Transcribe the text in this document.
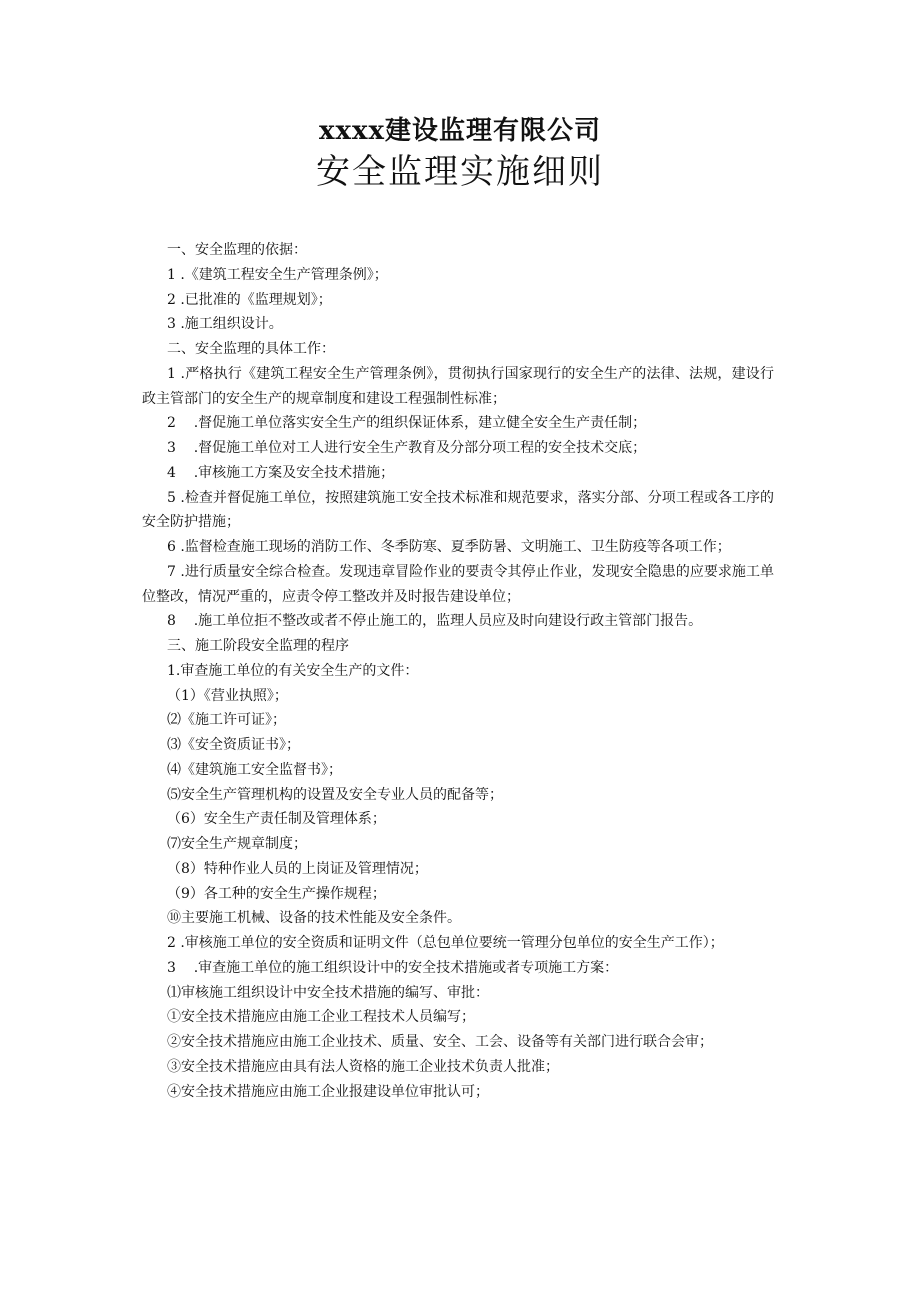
xxxx建设监理有限公司
安全监理实施细则

一、安全监理的依据：

1 .《建筑工程安全生产管理条例》；

2 .已批准的《监理规划》；

3 .施工组织设计。

二、安全监理的具体工作：

1 .严格执行《建筑工程安全生产管理条例》，贯彻执行国家现行的安全生产的法律、法规，建设行政主管部门的安全生产的规章制度和建设工程强制性标准；

2    .督促施工单位落实安全生产的组织保证体系，建立健全安全生产责任制；

3    .督促施工单位对工人进行安全生产教育及分部分项工程的安全技术交底；

4    .审核施工方案及安全技术措施；

5 .检查并督促施工单位，按照建筑施工安全技术标准和规范要求，落实分部、分项工程或各工序的安全防护措施；

6 .监督检查施工现场的消防工作、冬季防寒、夏季防暑、文明施工、卫生防疫等各项工作；

7 .进行质量安全综合检查。发现违章冒险作业的要责令其停止作业，发现安全隐患的应要求施工单位整改，情况严重的，应责令停工整改并及时报告建设单位；

8    .施工单位拒不整改或者不停止施工的，监理人员应及时向建设行政主管部门报告。

三、施工阶段安全监理的程序

1.审查施工单位的有关安全生产的文件：

（1）《营业执照》；

⑵《施工许可证》；

⑶《安全资质证书》；

⑷《建筑施工安全监督书》；

⑸安全生产管理机构的设置及安全专业人员的配备等；

（6）安全生产责任制及管理体系；

⑺安全生产规章制度；

（8）特种作业人员的上岗证及管理情况；

（9）各工种的安全生产操作规程；

⑩主要施工机械、设备的技术性能及安全条件。

2 .审核施工单位的安全资质和证明文件（总包单位要统一管理分包单位的安全生产工作）；

3    .审查施工单位的施工组织设计中的安全技术措施或者专项施工方案：

⑴审核施工组织设计中安全技术措施的编写、审批：

①安全技术措施应由施工企业工程技术人员编写；

②安全技术措施应由施工企业技术、质量、安全、工会、设备等有关部门进行联合会审；

③安全技术措施应由具有法人资格的施工企业技术负责人批准；

④安全技术措施应由施工企业报建设单位审批认可；
